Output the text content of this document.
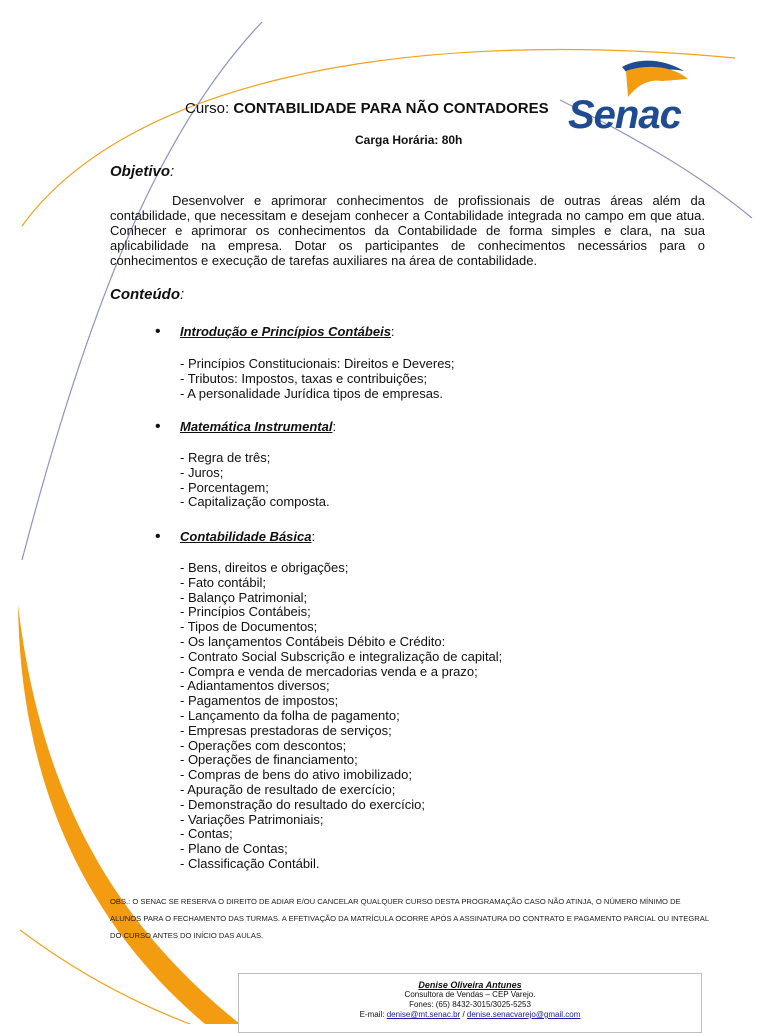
Senac
Curso: CONTABILIDADE PARA NÃO CONTADORES
Carga Horária: 80h
Objetivo:

Desenvolver e aprimorar conhecimentos de profissionais de outras áreas além da contabilidade, que necessitam e desejam conhecer a Contabilidade integrada no campo em que atua. Conhecer e aprimorar os conhecimentos da Contabilidade de forma simples e clara, na sua aplicabilidade na empresa. Dotar os participantes de conhecimentos necessários para o conhecimentos e execução de tarefas auxiliares na área de contabilidade.

Conteúdo:
• Introdução e Princípios Contábeis:
- Princípios Constitucionais: Direitos e Deveres;
- Tributos: Impostos, taxas e contribuições;
- A personalidade Jurídica tipos de empresas.
• Matemática Instrumental:
- Regra de três;
- Juros;
- Porcentagem;
- Capitalização composta.
• Contabilidade Básica:
- Bens, direitos e obrigações;
- Fato contábil;
- Balanço Patrimonial;
- Princípios Contábeis;
- Tipos de Documentos;
- Os lançamentos Contábeis Débito e Crédito:
- Contrato Social Subscrição e integralização de capital;
- Compra e venda de mercadorias venda e a prazo;
- Adiantamentos diversos;
- Pagamentos de impostos;
- Lançamento da folha de pagamento;
- Empresas prestadoras de serviços;
- Operações com descontos;
- Operações de financiamento;
- Compras de bens do ativo imobilizado;
- Apuração de resultado de exercício;
- Demonstração do resultado do exercício;
- Variações Patrimoniais;
- Contas;
- Plano de Contas;
- Classificação Contábil.
OBS.: O SENAC SE RESERVA O DIREITO DE ADIAR E/OU CANCELAR QUALQUER CURSO DESTA PROGRAMAÇÃO CASO NÃO ATINJA, O NÚMERO MÍNIMO DE ALUNOS PARA O FECHAMENTO DAS TURMAS. A EFETIVAÇÃO DA MATRÍCULA OCORRE APÓS A ASSINATURA DO CONTRATO E PAGAMENTO PARCIAL OU INTEGRAL DO CURSO ANTES DO INÍCIO DAS AULAS.
Denise Oliveira Antunes
Consultora de Vendas – CEP Varejo.
Fones: (65) 8432-3015/3025-5253
E-mail: denise@mt.senac.br / denise.senacvarejo@gmail.com
